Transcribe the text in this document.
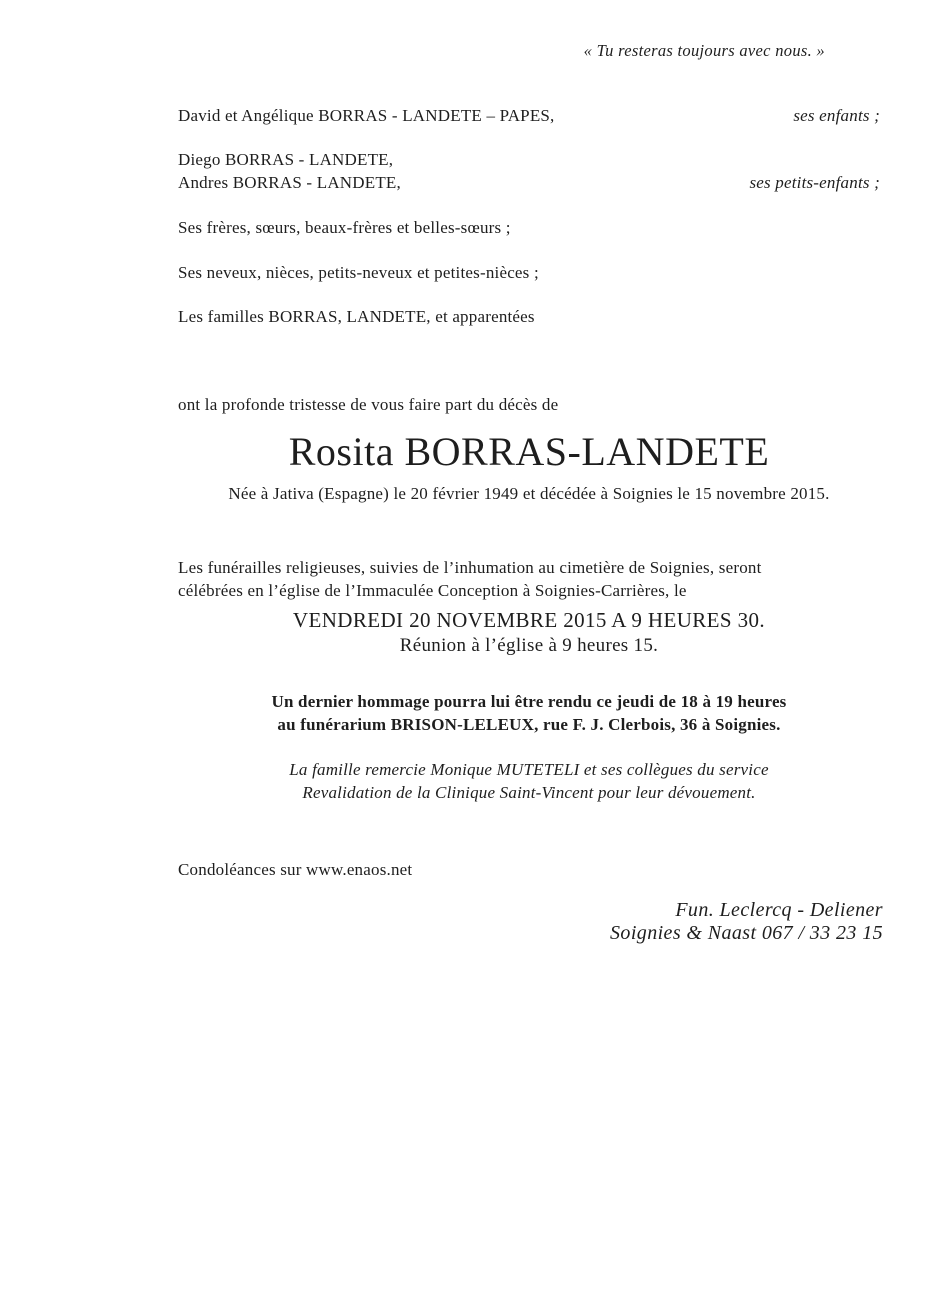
« Tu resteras toujours avec nous. »
David et Angélique BORRAS - LANDETE – PAPES,	ses enfants ;
Diego BORRAS - LANDETE,
Andres BORRAS - LANDETE,	ses petits-enfants ;
Ses frères, sœurs, beaux-frères et belles-sœurs ;
Ses neveux, nièces, petits-neveux et petites-nièces ;
Les familles BORRAS, LANDETE, et apparentées
ont la profonde tristesse de vous faire part du décès de
Rosita BORRAS-LANDETE
Née à Jativa (Espagne) le 20 février 1949 et décédée à Soignies le 15 novembre 2015.
Les funérailles religieuses, suivies de l’inhumation au cimetière de Soignies, seront
célébrées en l’église de l’Immaculée Conception à Soignies-Carrières, le
VENDREDI 20 NOVEMBRE 2015 A 9 HEURES 30.
Réunion à l’église à 9 heures 15.
Un dernier hommage pourra lui être rendu ce jeudi de 18 à 19 heures
au funérarium BRISON-LELEUX, rue F. J. Clerbois, 36 à Soignies.
La famille remercie Monique MUTETELI et ses collègues du service
Revalidation de la Clinique Saint-Vincent pour leur dévouement.
Condoléances sur www.enaos.net
Fun. Leclercq - Deliener
Soignies & Naast 067 / 33 23 15
